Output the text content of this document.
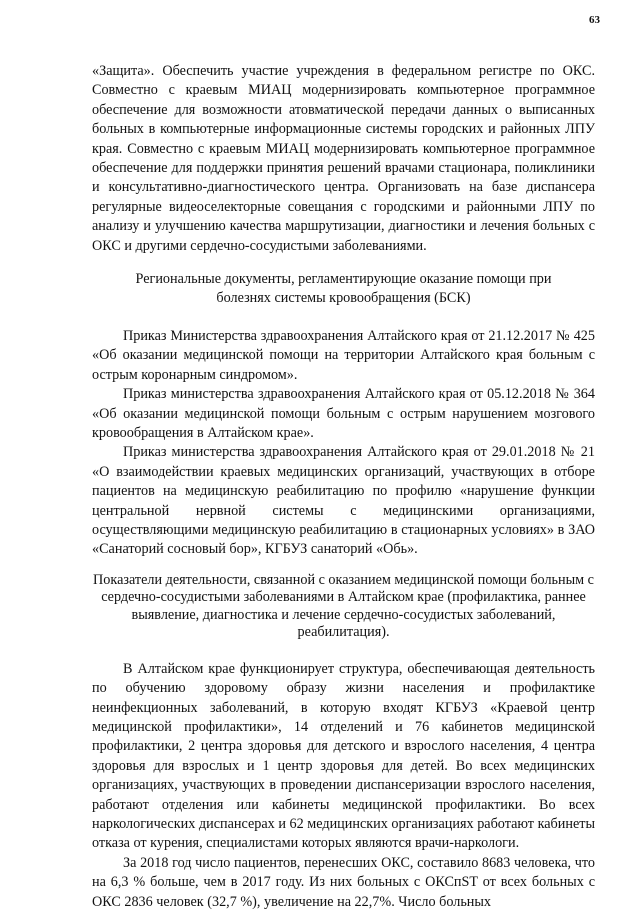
63

«Защита». Обеспечить участие учреждения в федеральном регистре по ОКС. Совместно с краевым МИАЦ модернизировать компьютерное программное обеспечение для возможности атовматической передачи данных о выписанных больных в компьютерные информационные системы городских и районных ЛПУ края. Совместно с краевым МИАЦ модернизировать компьютерное программное обеспечение для поддержки принятия решений врачами стационара, поликлиники и консультативно-диагностического центра. Организовать на базе диспансера регулярные видеоселекторные совещания с городскими и районными ЛПУ по анализу и улучшению качества маршрутизации, диагностики и лечения больных с ОКС и другими сердечно-сосудистыми заболеваниями.

Региональные документы, регламентирующие оказание помощи при болезнях системы кровообращения (БСК)

Приказ Министерства здравоохранения Алтайского края от 21.12.2017 № 425 «Об оказании медицинской помощи на территории Алтайского края больным с острым коронарным синдромом».

Приказ министерства здравоохранения Алтайского края от 05.12.2018 № 364 «Об оказании медицинской помощи больным с острым нарушением мозгового кровообращения в Алтайском крае».

Приказ министерства здравоохранения Алтайского края от 29.01.2018 № 21 «О взаимодействии краевых медицинских организаций, участвующих в отборе пациентов на медицинскую реабилитацию по профилю «нарушение функции центральной нервной системы с медицинскими организациями, осуществляющими медицинскую реабилитацию в стационарных условиях» в ЗАО «Санаторий сосновый бор», КГБУЗ санаторий «Обь».

Показатели деятельности, связанной с оказанием медицинской помощи больным с сердечно-сосудистыми заболеваниями в Алтайском крае (профилактика, раннее выявление, диагностика и лечение сердечно-сосудистых заболеваний, реабилитация).

В Алтайском крае функционирует структура, обеспечивающая деятельность по обучению здоровому образу жизни населения и профилактике неинфекционных заболеваний, в которую входят КГБУЗ «Краевой центр медицинской профилактики», 14 отделений и 76 кабинетов медицинской профилактики, 2 центра здоровья для детского и взрослого населения, 4 центра здоровья для взрослых и 1 центр здоровья для детей. Во всех медицинских организациях, участвующих в проведении диспансеризации взрослого населения, работают отделения или кабинеты медицинской профилактики. Во всех наркологических диспансерах и 62 медицинских организациях работают кабинеты отказа от курения, специалистами которых являются врачи-наркологи.

За 2018 год число пациентов, перенесших ОКС, составило 8683 человека, что на 6,3 % больше, чем в 2017 году. Из них больных с ОКСпST от всех больных с ОКС 2836 человек (32,7 %), увеличение на 22,7%. Число больных
